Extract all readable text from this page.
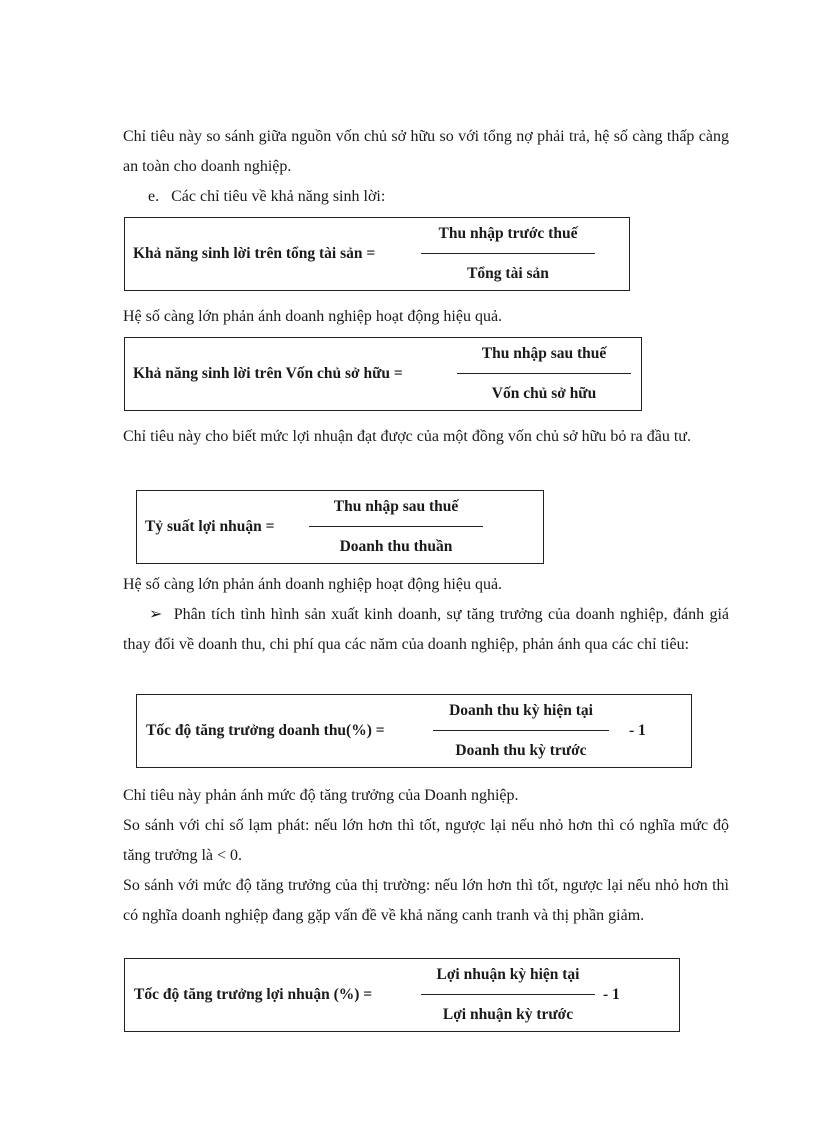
Chỉ tiêu này so sánh giữa nguồn vốn chủ sở hữu so với tổng nợ phải trả, hệ số càng thấp càng an toàn cho doanh nghiệp.
e. Các chỉ tiêu về khả năng sinh lời:
Khả năng sinh lời trên tổng tài sản =
Thu nhập trước thuế
Tổng tài sản
Hệ số càng lớn phản ánh doanh nghiệp hoạt động hiệu quả.
Khả năng sinh lời trên Vốn chủ sở hữu =
Thu nhập sau thuế
Vốn chủ sở hữu
Chỉ tiêu này cho biết mức lợi nhuận đạt được của một đồng vốn chủ sở hữu bỏ ra đầu tư.
Tỷ suất lợi nhuận =
Thu nhập sau thuế
Doanh thu thuần
Hệ số càng lớn phản ánh doanh nghiệp hoạt động hiệu quả.
➢ Phân tích tình hình sản xuất kinh doanh, sự tăng trưởng của doanh nghiệp, đánh giá thay đổi về doanh thu, chi phí qua các năm của doanh nghiệp, phản ánh qua các chỉ tiêu:
Tốc độ tăng trưởng doanh thu(%) =
Doanh thu kỳ hiện tại
Doanh thu kỳ trước
- 1
Chỉ tiêu này phản ánh mức độ tăng trưởng của Doanh nghiệp.
So sánh với chỉ số lạm phát: nếu lớn hơn thì tốt, ngược lại nếu nhỏ hơn thì có nghĩa mức độ tăng trưởng là < 0.
So sánh với mức độ tăng trưởng của thị trường: nếu lớn hơn thì tốt, ngược lại nếu nhỏ hơn thì có nghĩa doanh nghiệp đang gặp vấn đề về khả năng canh tranh và thị phần giảm.
Tốc độ tăng trưởng lợi nhuận (%) =
Lợi nhuận kỳ hiện tại
Lợi nhuận kỳ trước
- 1
